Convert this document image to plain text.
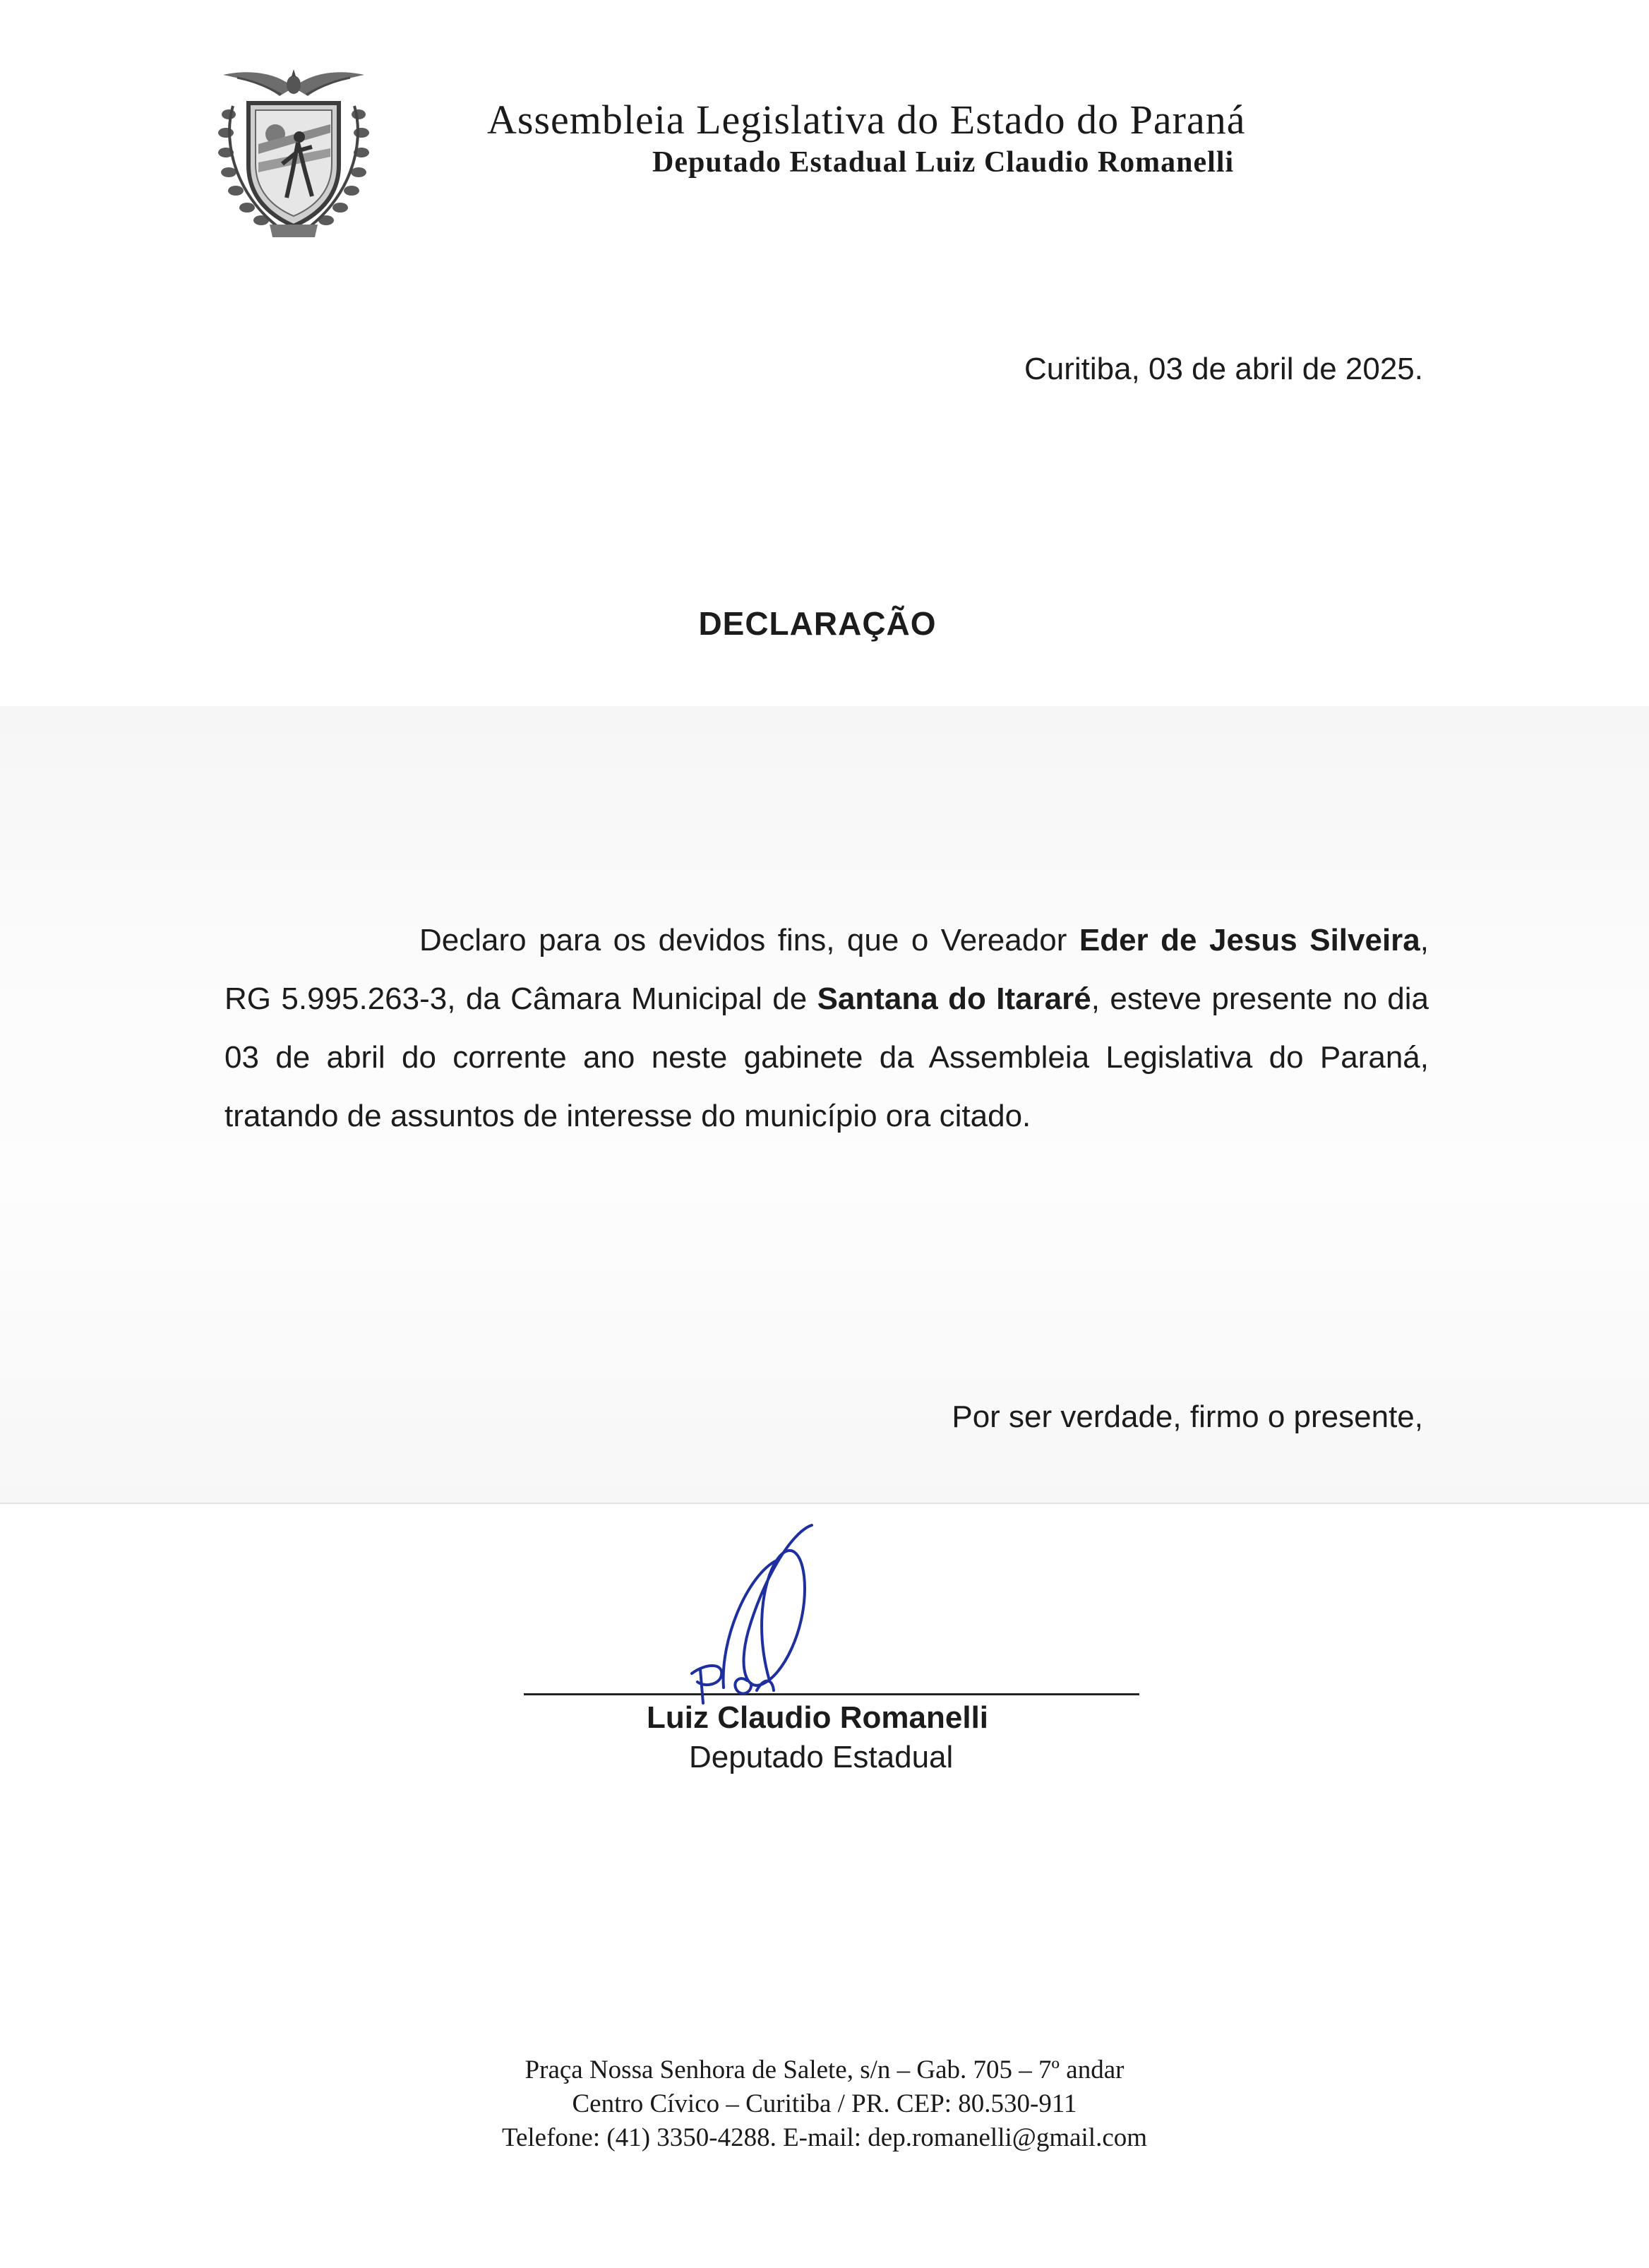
Assembleia Legislativa do Estado do Paraná
Deputado Estadual Luiz Claudio Romanelli
Curitiba, 03 de abril de 2025.
DECLARAÇÃO
Declaro para os devidos fins, que o Vereador Eder de Jesus Silveira, RG 5.995.263-3, da Câmara Municipal de Santana do Itararé, esteve presente no dia 03 de abril do corrente ano neste gabinete da Assembleia Legislativa do Paraná, tratando de assuntos de interesse do município ora citado.
Por ser verdade, firmo o presente,
Luiz Claudio Romanelli
Deputado Estadual
Praça Nossa Senhora de Salete, s/n – Gab. 705 – 7º andar
Centro Cívico – Curitiba / PR. CEP: 80.530-911
Telefone: (41) 3350-4288. E-mail: dep.romanelli@gmail.com
